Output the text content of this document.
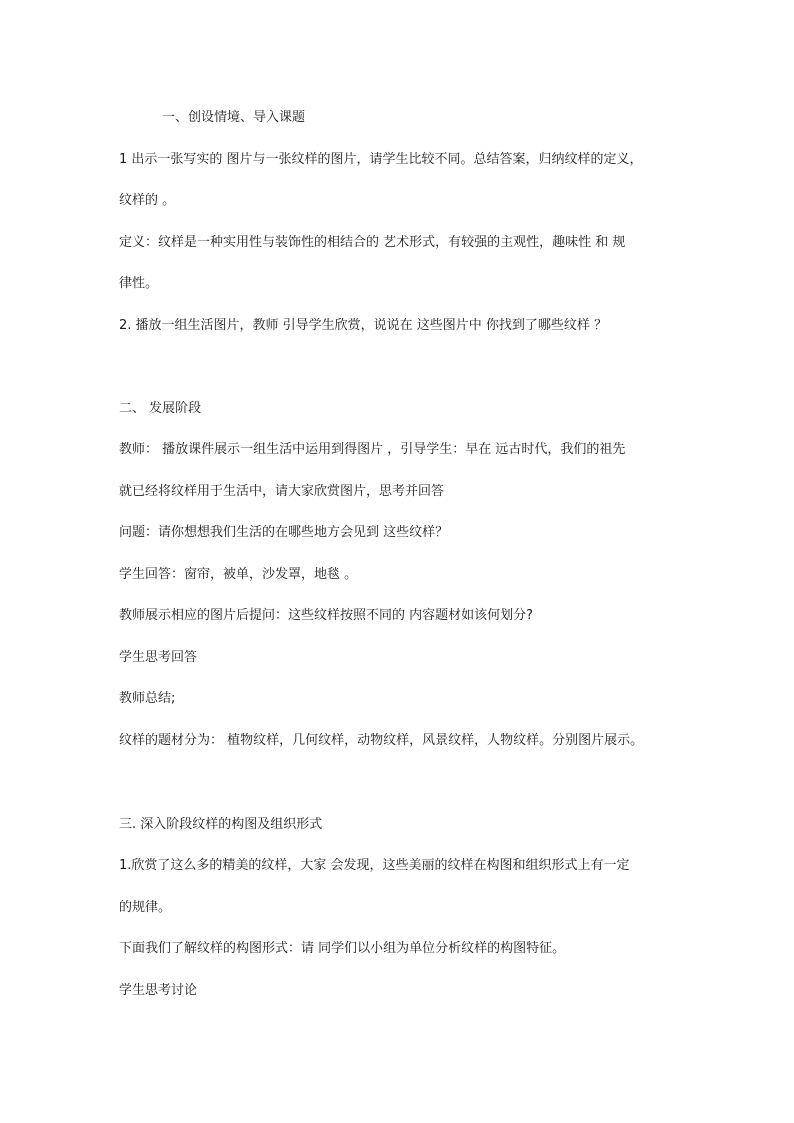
一、创设情境、导入课题
1 出示一张写实的 图片与一张纹样的图片，请学生比较不同。总结答案，归纳纹样的定义，
纹样的 。
定义：纹样是一种实用性与装饰性的相结合的 艺术形式，有较强的主观性，趣味性 和 规
律性。
2. 播放一组生活图片，教师 引导学生欣赏，说说在 这些图片中 你找到了哪些纹样 ？
二、 发展阶段
教师： 播放课件展示一组生活中运用到得图片 ，引导学生：早在 远古时代，我们的祖先
就已经将纹样用于生活中，请大家欣赏图片，思考并回答
问题：请你想想我们生活的在哪些地方会见到 这些纹样？
学生回答：窗帘，被单，沙发罩，地毯 。
教师展示相应的图片后提问：这些纹样按照不同的 内容题材如该何划分?
学生思考回答
教师总结;
纹样的题材分为： 植物纹样，几何纹样，动物纹样，风景纹样，人物纹样。分别图片展示。
三. 深入阶段纹样的构图及组织形式
1.欣赏了这么多的精美的纹样，大家 会发现，这些美丽的纹样在构图和组织形式上有一定
的规律。
下面我们了解纹样的构图形式：请 同学们以小组为单位分析纹样的构图特征。
学生思考讨论
